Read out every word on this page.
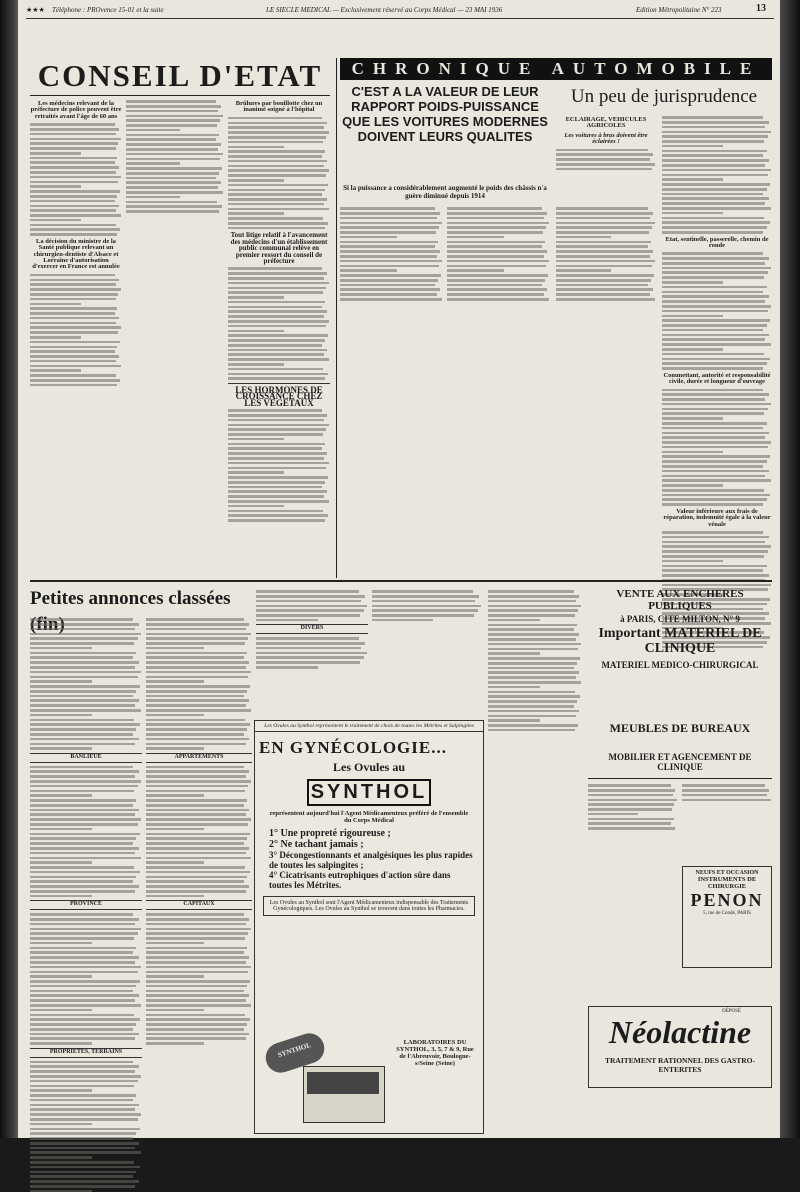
★★★ Téléphone : PROvence 15-01 et la suite	LE SIECLE MEDICAL — Exclusivement réservé au Corps Médical — 23 MAI 1936	Edition Métropolitaine N° 223	13
CONSEIL D'ETAT
Les médecins relevant de la préfecture de police peuvent être retraités avant l'âge de 60 ans
La décision du ministre de la Santé publique relevant un chirurgien-dentiste d'Alsace et Lorraine d'autorisation d'exercer en France est annulée
Brûlures par bouillotte chez un inanimé soigné à l'hôpital
Tout litige relatif à l'avancement des médecins d'un établissement public communal relève en premier ressort du conseil de préfecture
LES HORMONES DE CROISSANCE CHEZ LES VEGETAUX
CHRONIQUE AUTOMOBILE
C'EST A LA VALEUR DE LEUR RAPPORT POIDS-PUISSANCE QUE LES VOITURES MODERNES DOIVENT LEURS QUALITES
Si la puissance a considérablement augmenté le poids des châssis n'a guère diminué depuis 1914
Un peu de jurisprudence
ECLAIRAGE, VEHICULES AGRICOLES
Les voitures à bras doivent être éclairées !
Etat, sentinelle, passerelle, chemin de ronde
Commettant, autorité et responsabilité civile, durée et longueur d'ouvrage
Valeur inférieure aux frais de réparation, indemnité égale à la valeur vénale
Petites annonces classées
BANLIEUE
PROVINCE
PROPRIETES, TERRAINS
APPARTEMENTS
CAPITAUX
DIVERS
Les Ovules au Synthol représentent le traitement de choix de toutes les Métrites et Salpingites
EN GYNÉCOLOGIE...
Les Ovules au
SYNTHOL
représentent aujourd'hui l'Agent Médicamenteux préféré de l'ensemble du Corps Médical
1° Une propreté rigoureuse ;
2° Ne tachant jamais ;
3° Décongestionnants et analgésiques les plus rapides de toutes les salpingites ;
4° Cicatrisants eutrophiques d'action sûre dans toutes les Métrites.
Les Ovules au Synthol sont l'Agent Médicamenteux indispensable des Traitements Gynécologiques. Les Ovules au Synthol se trouvent dans toutes les Pharmacies.
SYNTHOL	LABORATOIRES DU SYNTHOL, 3, 5, 7 & 9, Rue de l'Abreuvoir, Boulogne-s/Seine (Seine)
VENTE AUX ENCHERES PUBLIQUES
à PARIS, CITE MILTON, N° 9
Important MATERIEL DE CLINIQUE
MATERIEL MEDICO-CHIRURGICAL
MEUBLES DE BUREAUX
MOBILIER ET AGENCEMENT DE CLINIQUE
NEUFS ET OCCASION
INSTRUMENTS DE CHIRURGIE
PENON
5, rue de Condé, PARIS
DÉPOSÉ
Néolactine
TRAITEMENT RATIONNEL DES GASTRO-ENTERITES
